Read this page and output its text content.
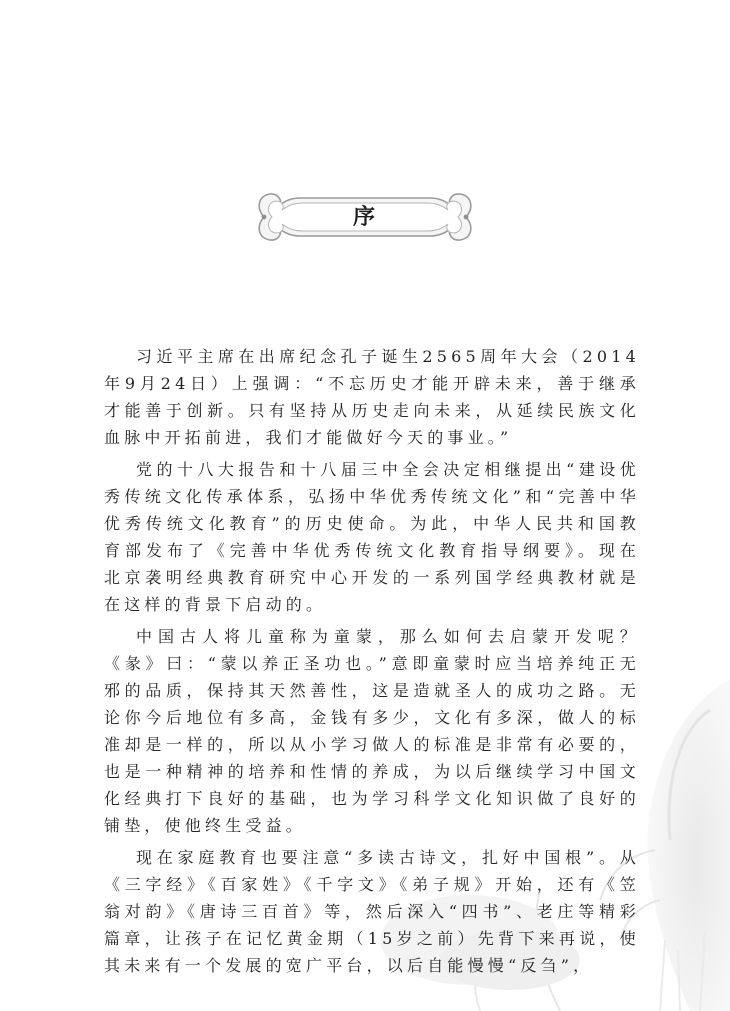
序

习近平主席在出席纪念孔子诞生2565周年大会（2014年9月24日）上强调：“不忘历史才能开辟未来，善于继承才能善于创新。只有坚持从历史走向未来，从延续民族文化血脉中开拓前进，我们才能做好今天的事业。”

党的十八大报告和十八届三中全会决定相继提出“建设优秀传统文化传承体系，弘扬中华优秀传统文化”和“完善中华优秀传统文化教育”的历史使命。为此，中华人民共和国教育部发布了《完善中华优秀传统文化教育指导纲要》。现在北京袭明经典教育研究中心开发的一系列国学经典教材就是在这样的背景下启动的。

中国古人将儿童称为童蒙，那么如何去启蒙开发呢？《彖》曰：“蒙以养正圣功也。”意即童蒙时应当培养纯正无邪的品质，保持其天然善性，这是造就圣人的成功之路。无论你今后地位有多高，金钱有多少，文化有多深，做人的标准却是一样的，所以从小学习做人的标准是非常有必要的，也是一种精神的培养和性情的养成，为以后继续学习中国文化经典打下良好的基础，也为学习科学文化知识做了良好的铺垫，使他终生受益。

现在家庭教育也要注意“多读古诗文，扎好中国根”。从《三字经》《百家姓》《千字文》《弟子规》开始，还有《笠翁对韵》《唐诗三百首》等，然后深入“四书”、老庄等精彩篇章，让孩子在记忆黄金期（15岁之前）先背下来再说，使其未来有一个发展的宽广平台，以后自能慢慢“反刍”，
